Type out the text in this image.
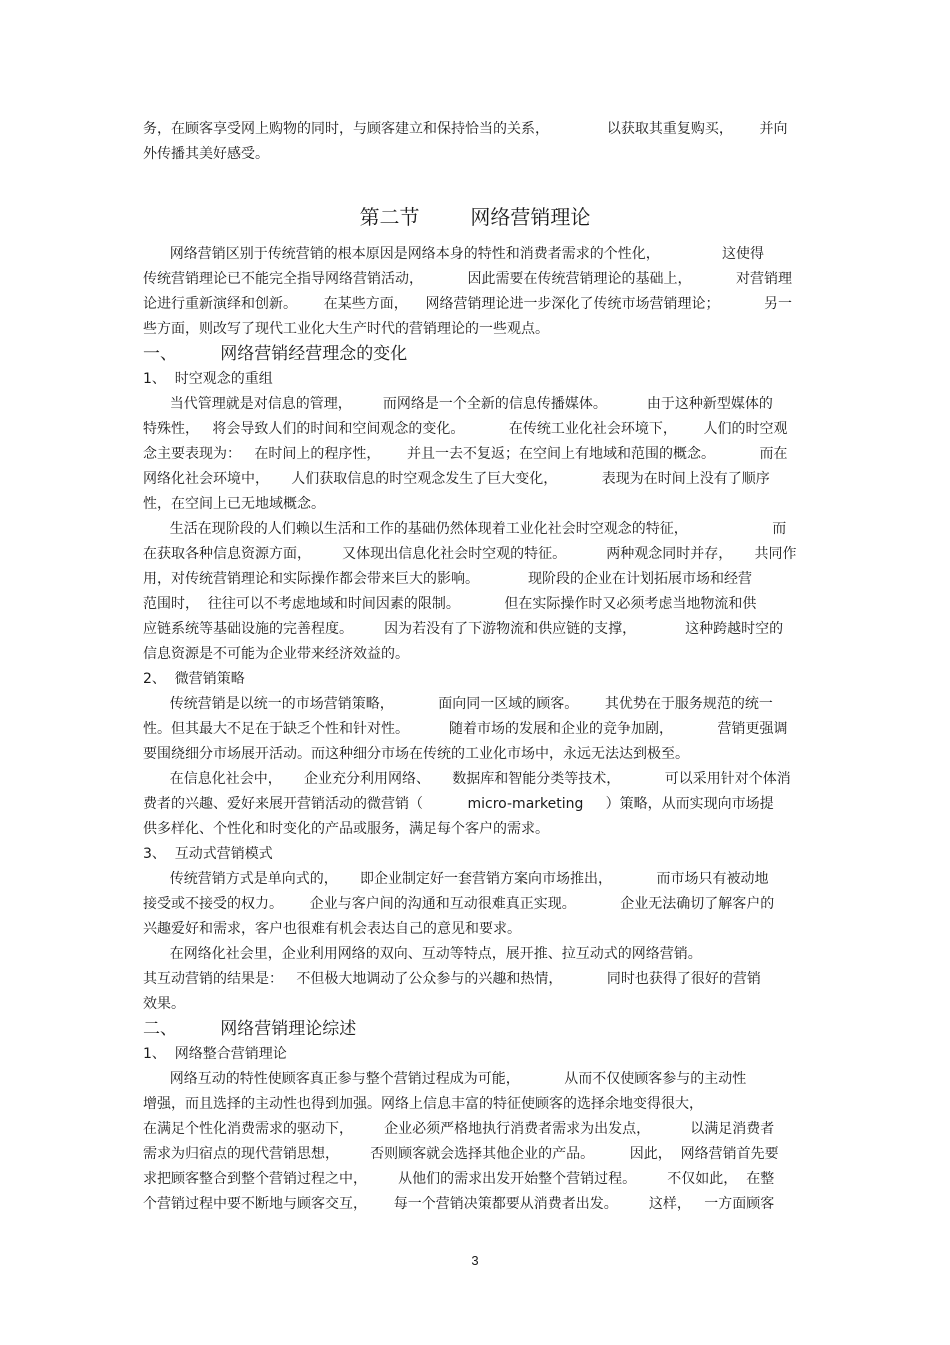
务，在顾客享受网上购物的同时，与顾客建立和保持恰当的关系，             以获取其重复购买，      并向
外传播其美好感受。
第二节        网络营销理论
网络营销区别于传统营销的根本原因是网络本身的特性和消费者需求的个性化，              这使得
传统营销理论已不能完全指导网络营销活动，          因此需要在传统营销理论的基础上，          对营销理
论进行重新演绎和创新。      在某些方面，    网络营销理论进一步深化了传统市场营销理论；          另一
些方面，则改写了现代工业化大生产时代的营销理论的一些观点。
一、        网络营销经营理念的变化
1、  时空观念的重组
当代管理就是对信息的管理，       而网络是一个全新的信息传播媒体。         由于这种新型媒体的
特殊性，   将会导致人们的时间和空间观念的变化。          在传统工业化社会环境下，      人们的时空观
念主要表现为：   在时间上的程序性，      并且一去不复返；在空间上有地域和范围的概念。          而在
网络化社会环境中，     人们获取信息的时空观念发生了巨大变化，          表现为在时间上没有了顺序
性，在空间上已无地域概念。
生活在现阶段的人们赖以生活和工作的基础仍然体现着工业化社会时空观念的特征，                   而
在获取各种信息资源方面，       又体现出信息化社会时空观的特征。         两种观念同时并存，     共同作
用，对传统营销理论和实际操作都会带来巨大的影响。           现阶段的企业在计划拓展市场和经营
范围时，  往往可以不考虑地域和时间因素的限制。          但在实际操作时又必须考虑当地物流和供
应链系统等基础设施的完善程度。       因为若没有了下游物流和供应链的支撑，           这种跨越时空的
信息资源是不可能为企业带来经济效益的。
2、  微营销策略
传统营销是以统一的市场营销策略，          面向同一区域的顾客。      其优势在于服务规范的统一
性。但其最大不足在于缺乏个性和针对性。         随着市场的发展和企业的竞争加剧，          营销更强调
要围绕细分市场展开活动。而这种细分市场在传统的工业化市场中，永远无法达到极至。
在信息化社会中，     企业充分利用网络、     数据库和智能分类等技术，          可以采用针对个体消
费者的兴趣、爱好来展开营销活动的微营销（          micro-marketing     ）策略，从而实现向市场提
供多样化、个性化和时变化的产品或服务，满足每个客户的需求。
3、  互动式营销模式
传统营销方式是单向式的，     即企业制定好一套营销方案向市场推出，          而市场只有被动地
接受或不接受的权力。      企业与客户间的沟通和互动很难真正实现。          企业无法确切了解客户的
兴趣爱好和需求，客户也很难有机会表达自己的意见和要求。
在网络化社会里，企业利用网络的双向、互动等特点，展开推、拉互动式的网络营销。
其互动营销的结果是：   不但极大地调动了公众参与的兴趣和热情，          同时也获得了很好的营销
效果。
二、        网络营销理论综述
1、  网络整合营销理论
网络互动的特性使顾客真正参与整个营销过程成为可能，          从而不仅使顾客参与的主动性
增强，而且选择的主动性也得到加强。网络上信息丰富的特征使顾客的选择余地变得很大，
在满足个性化消费需求的驱动下，       企业必须严格地执行消费者需求为出发点，         以满足消费者
需求为归宿点的现代营销思想，       否则顾客就会选择其他企业的产品。        因此，  网络营销首先要
求把顾客整合到整个营销过程之中，       从他们的需求出发开始整个营销过程。       不仅如此，  在整
个营销过程中要不断地与顾客交互，      每一个营销决策都要从消费者出发。       这样，   一方面顾客
3
